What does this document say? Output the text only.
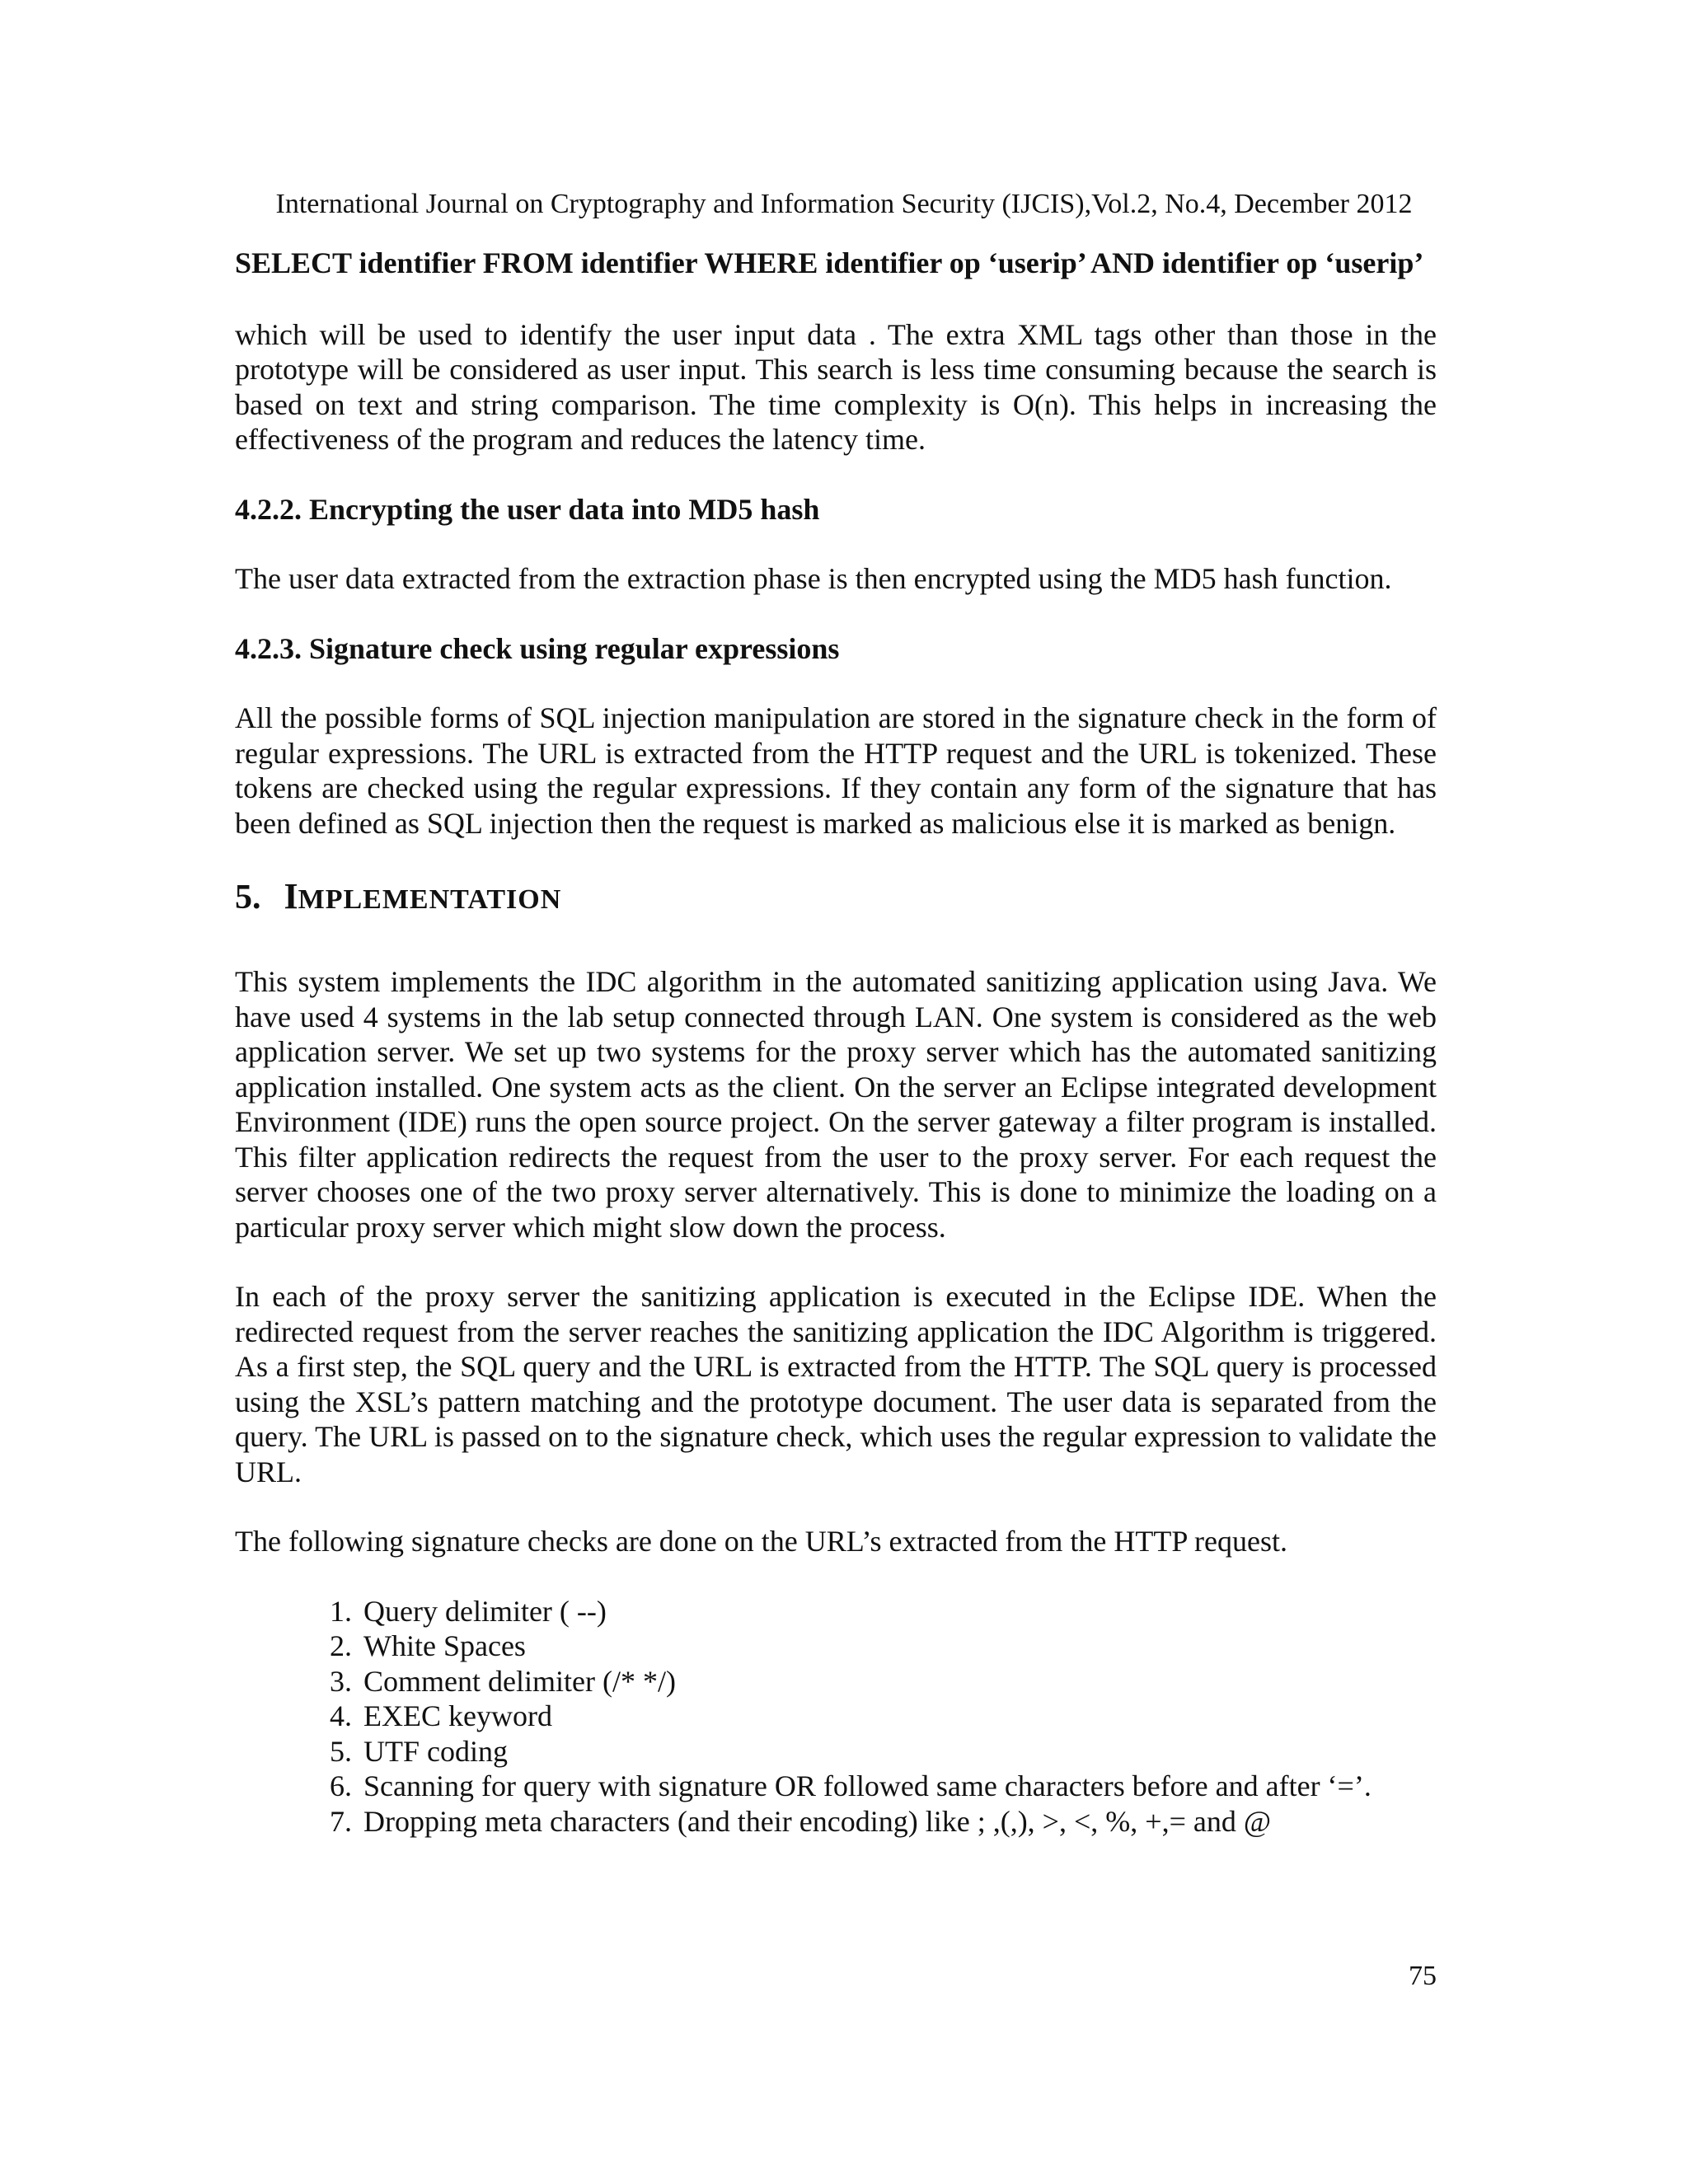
International Journal on Cryptography and Information Security (IJCIS),Vol.2, No.4, December 2012

SELECT identifier FROM identifier WHERE identifier op ‘userip’ AND identifier op ‘userip’

which will be used to identify the user input data . The extra XML tags other than those in the prototype will be considered as user input. This search is less time consuming because the search is based on text and string comparison. The time complexity is O(n). This helps in increasing the effectiveness of the program and reduces the latency time.

4.2.2. Encrypting the user data into MD5 hash

The user data extracted from the extraction phase is then encrypted using the MD5 hash function.

4.2.3. Signature check using regular expressions

All the possible forms of SQL injection manipulation are stored in the signature check in the form of regular expressions. The URL is extracted from the HTTP request and the URL is tokenized. These tokens are checked using the regular expressions. If they contain any form of the signature that has been defined as SQL injection then the request is marked as malicious else it is marked as benign.

5. IMPLEMENTATION

This system implements the IDC algorithm in the automated sanitizing application using Java. We have used 4 systems in the lab setup connected through LAN. One system is considered as the web application server. We set up two systems for the proxy server which has the automated sanitizing application installed. One system acts as the client. On the server an Eclipse integrated development Environment (IDE) runs the open source project. On the server gateway a filter program is installed. This filter application redirects the request from the user to the proxy server. For each request the server chooses one of the two proxy server alternatively. This is done to minimize the loading on a particular proxy server which might slow down the process.

In each of the proxy server the sanitizing application is executed in the Eclipse IDE. When the redirected request from the server reaches the sanitizing application the IDC Algorithm is triggered. As a first step, the SQL query and the URL is extracted from the HTTP. The SQL query is processed using the XSL’s pattern matching and the prototype document. The user data is separated from the query. The URL is passed on to the signature check, which uses the regular expression to validate the URL.

The following signature checks are done on the URL’s extracted from the HTTP request.

1. Query delimiter ( --)
2. White Spaces
3. Comment delimiter (/* */)
4. EXEC keyword
5. UTF coding
6. Scanning for query with signature OR followed same characters before and after ‘=’.
7. Dropping meta characters (and their encoding) like ; ,(,), >, <, %, +,= and @
75
